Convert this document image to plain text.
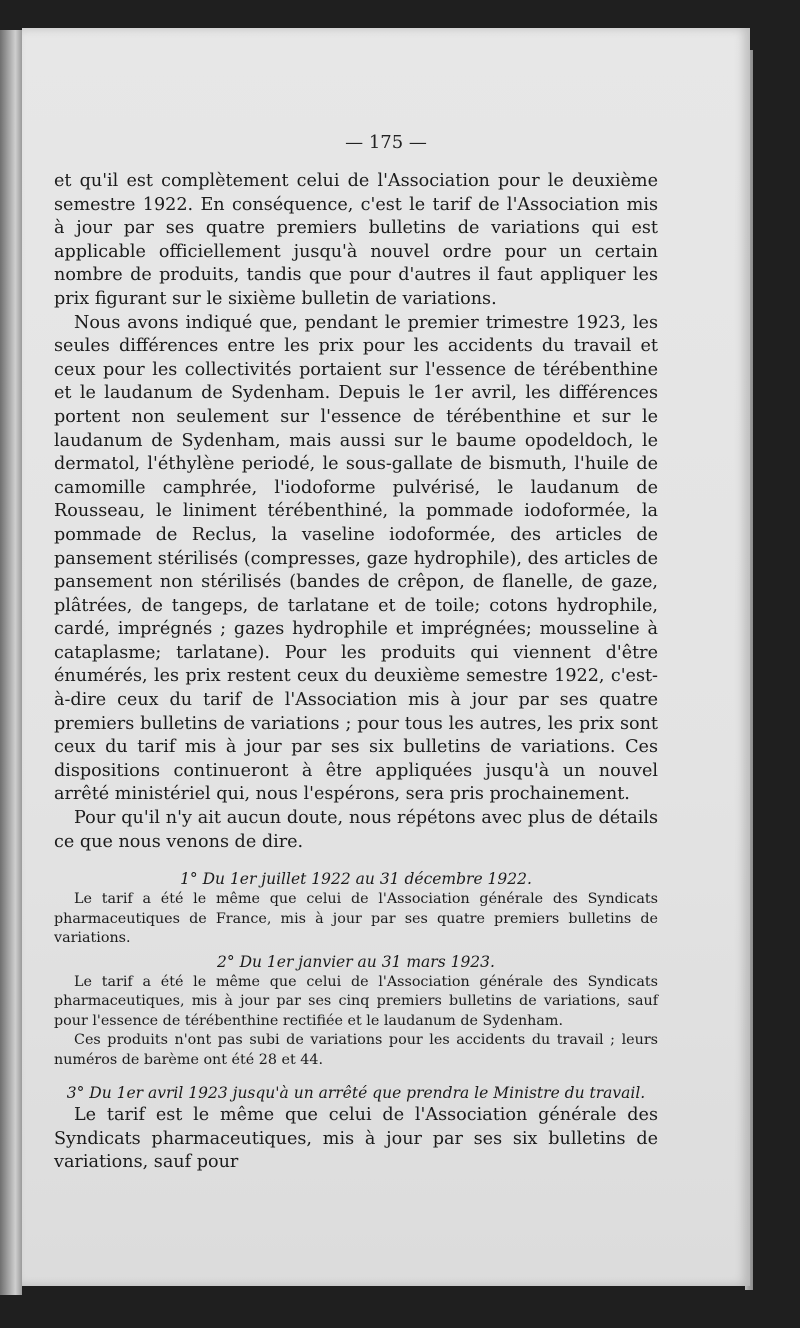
— 175 —

et qu'il est complètement celui de l'Association pour le deuxième semestre 1922. En conséquence, c'est le tarif de l'Association mis à jour par ses quatre premiers bulletins de variations qui est applicable officiellement jusqu'à nouvel ordre pour un certain nombre de produits, tandis que pour d'autres il faut appliquer les prix figurant sur le sixième bulletin de variations.

Nous avons indiqué que, pendant le premier trimestre 1923, les seules différences entre les prix pour les accidents du travail et ceux pour les collectivités portaient sur l'essence de térébenthine et le laudanum de Sydenham. Depuis le 1er avril, les différences portent non seulement sur l'essence de térébenthine et sur le laudanum de Sydenham, mais aussi sur le baume opodeldoch, le dermatol, l'éthylène periodé, le sous-gallate de bismuth, l'huile de camomille camphrée, l'iodoforme pulvérisé, le laudanum de Rousseau, le liniment térébenthiné, la pommade iodoformée, la pommade de Reclus, la vaseline iodoformée, des articles de pansement stérilisés (compresses, gaze hydrophile), des articles de pansement non stérilisés (bandes de crêpon, de flanelle, de gaze, plâtrées, de tangeps, de tarlatane et de toile; cotons hydrophile, cardé, imprégnés ; gazes hydrophile et imprégnées; mousseline à cataplasme; tarlatane). Pour les produits qui viennent d'être énumérés, les prix restent ceux du deuxième semestre 1922, c'est-à-dire ceux du tarif de l'Association mis à jour par ses quatre premiers bulletins de variations ; pour tous les autres, les prix sont ceux du tarif mis à jour par ses six bulletins de variations. Ces dispositions continueront à être appliquées jusqu'à un nouvel arrêté ministériel qui, nous l'espérons, sera pris prochainement.

Pour qu'il n'y ait aucun doute, nous répétons avec plus de détails ce que nous venons de dire.

1° Du 1er juillet 1922 au 31 décembre 1922.

Le tarif a été le même que celui de l'Association générale des Syndicats pharmaceutiques de France, mis à jour par ses quatre premiers bulletins de variations.

2° Du 1er janvier au 31 mars 1923.

Le tarif a été le même que celui de l'Association générale des Syndicats pharmaceutiques, mis à jour par ses cinq premiers bulletins de variations, sauf pour l'essence de térébenthine rectifiée et le laudanum de Sydenham.

Ces produits n'ont pas subi de variations pour les accidents du travail ; leurs numéros de barème ont été 28 et 44.

3° Du 1er avril 1923 jusqu'à un arrêté que prendra le Ministre du travail.

Le tarif est le même que celui de l'Association générale des Syndicats pharmaceutiques, mis à jour par ses six bulletins de variations, sauf pour
